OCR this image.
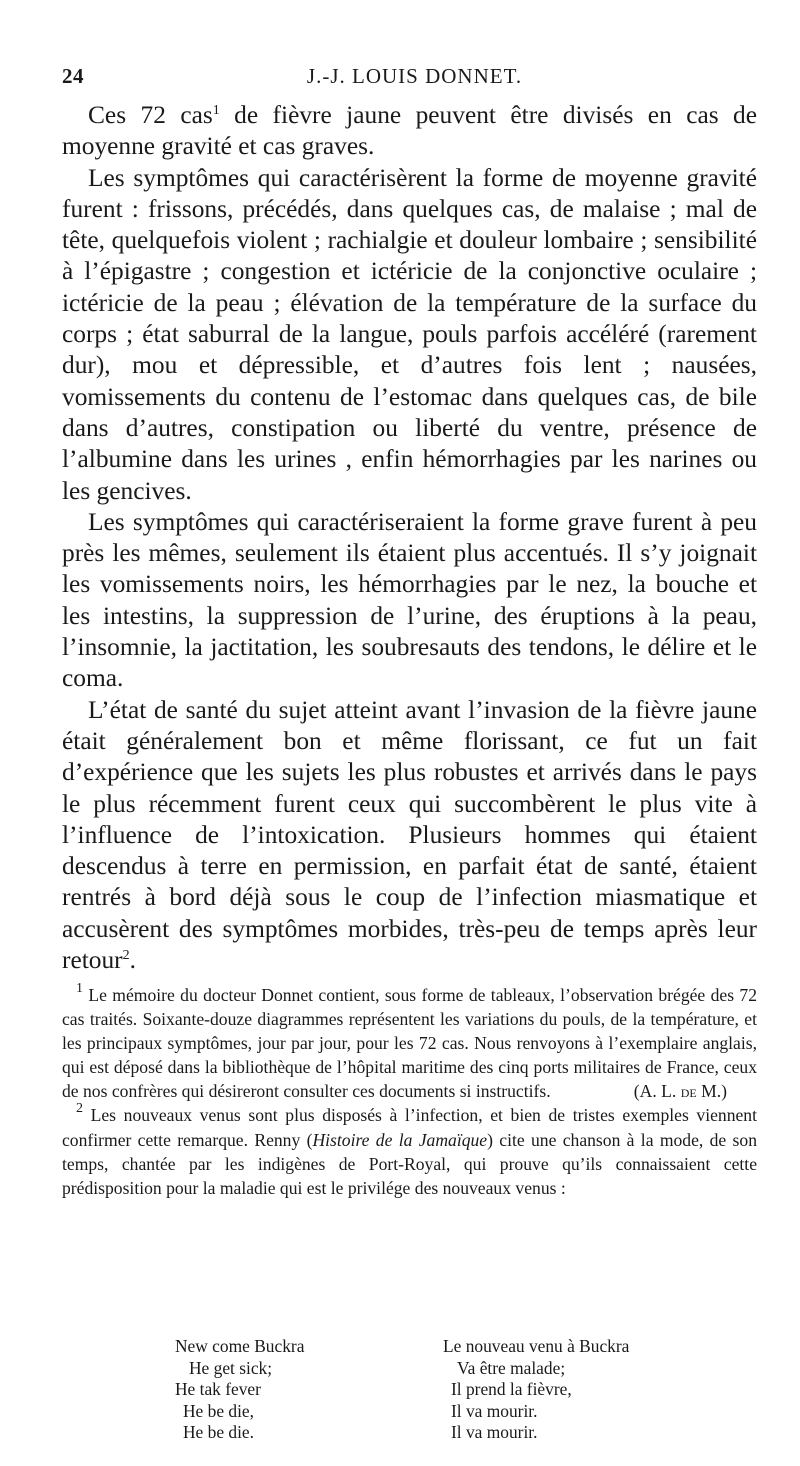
24	J.-J. LOUIS DONNET.

Ces 72 cas$^1$ de fièvre jaune peuvent être divisés en cas de moyenne gravité et cas graves.

Les symptômes qui caractérisèrent la forme de moyenne gravité furent : frissons, précédés, dans quelques cas, de malaise ; mal de tête, quelquefois violent ; rachialgie et douleur lombaire ; sensibilité à l’épigastre ; congestion et ictéricie de la conjonctive oculaire ; ictéricie de la peau ; élévation de la température de la surface du corps ; état saburral de la langue, pouls parfois accéléré (rarement dur), mou et dépressible, et d’autres fois lent ; nausées, vomissements du contenu de l’estomac dans quelques cas, de bile dans d’autres, constipation ou liberté du ventre, présence de l’albumine dans les urines , enfin hémorrhagies par les narines ou les gencives.

Les symptômes qui caractériseraient la forme grave furent à peu près les mêmes, seulement ils étaient plus accentués. Il s’y joignait les vomissements noirs, les hémorrhagies par le nez, la bouche et les intestins, la suppression de l’urine, des éruptions à la peau, l’insomnie, la jactitation, les soubresauts des tendons, le délire et le coma.

L’état de santé du sujet atteint avant l’invasion de la fièvre jaune était généralement bon et même florissant, ce fut un fait d’expérience que les sujets les plus robustes et arrivés dans le pays le plus récemment furent ceux qui succombèrent le plus vite à l’influence de l’intoxication. Plusieurs hommes qui étaient descendus à terre en permission, en parfait état de santé, étaient rentrés à bord déjà sous le coup de l’infection miasmatique et accusèrent des symptômes morbides, très-peu de temps après leur retour$^2$.

$^1$ Le mémoire du docteur Donnet contient, sous forme de tableaux, l’observation brégée des 72 cas traités. Soixante-douze diagrammes représentent les variations du pouls, de la température, et les principaux symptômes, jour par jour, pour les 72 cas. Nous renvoyons à l’exemplaire anglais, qui est déposé dans la bibliothèque de l’hôpital maritime des cinq ports militaires de France, ceux de nos confrères qui désireront consulter ces documents si instructifs.	(A. L. de M.)

$^2$ Les nouveaux venus sont plus disposés à l’infection, et bien de tristes exemples viennent confirmer cette remarque. Renny (Histoire de la Jamaïque) cite une chanson à la mode, de son temps, chantée par les indigènes de Port-Royal, qui prouve qu’ils connaissaient cette prédisposition pour la maladie qui est le privilége des nouveaux venus :

New come Buckra
He get sick;
He tak fever
He be die,
He be die.
Le nouveau venu à Buckra
Va être malade;
Il prend la fièvre,
Il va mourir.
Il va mourir.
